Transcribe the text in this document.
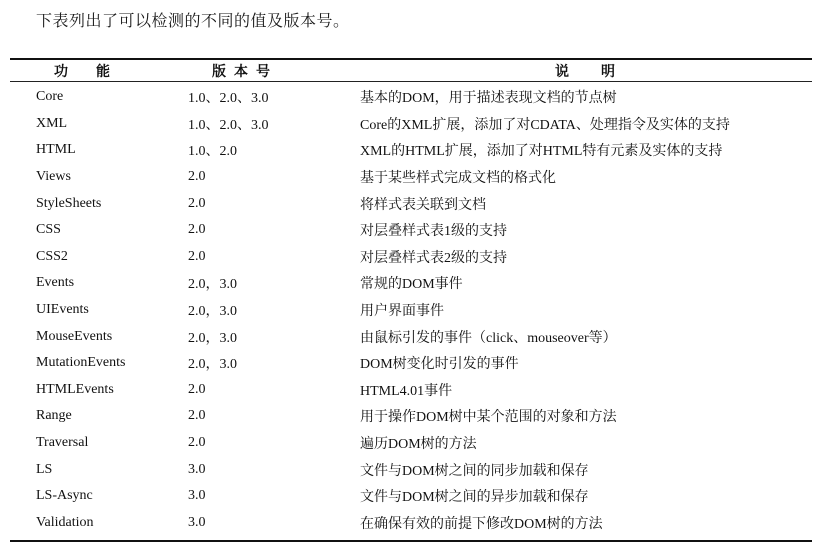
下表列出了可以检测的不同的值及版本号。
功能	版本号	说明
Core	1.0、2.0、3.0	基本的DOM，用于描述表现文档的节点树
XML	1.0、2.0、3.0	Core的XML扩展，添加了对CDATA、处理指令及实体的支持
HTML	1.0、2.0	XML的HTML扩展，添加了对HTML特有元素及实体的支持
Views	2.0	基于某些样式完成文档的格式化
StyleSheets	2.0	将样式表关联到文档
CSS	2.0	对层叠样式表1级的支持
CSS2	2.0	对层叠样式表2级的支持
Events	2.0，3.0	常规的DOM事件
UIEvents	2.0，3.0	用户界面事件
MouseEvents	2.0，3.0	由鼠标引发的事件（click、mouseover等）
MutationEvents	2.0，3.0	DOM树变化时引发的事件
HTMLEvents	2.0	HTML4.01事件
Range	2.0	用于操作DOM树中某个范围的对象和方法
Traversal	2.0	遍历DOM树的方法
LS	3.0	文件与DOM树之间的同步加载和保存
LS-Async	3.0	文件与DOM树之间的异步加载和保存
Validation	3.0	在确保有效的前提下修改DOM树的方法
